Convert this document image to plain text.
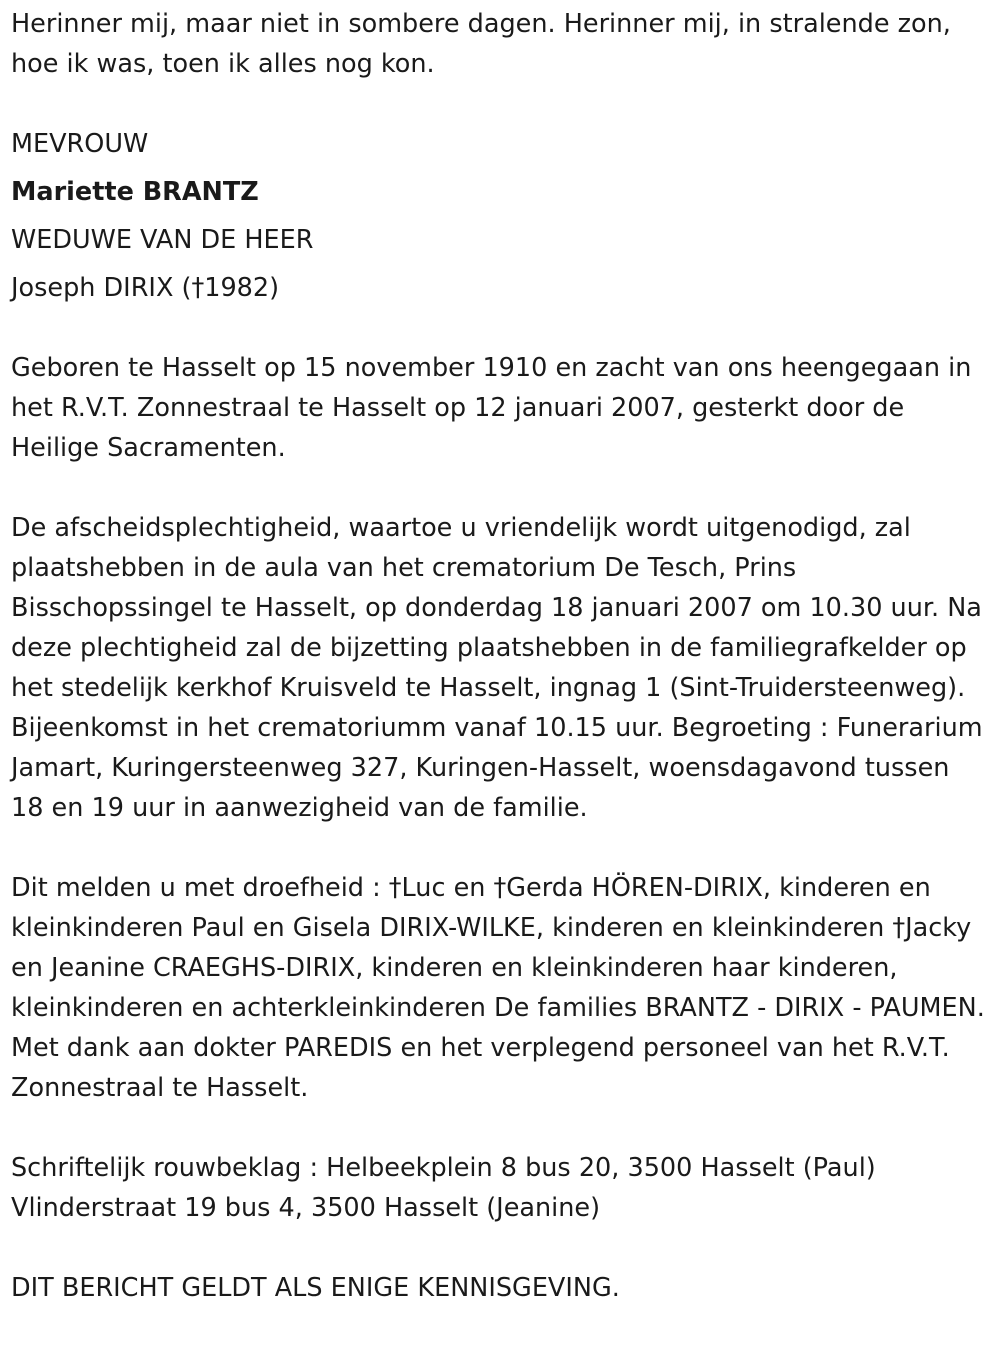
Herinner mij, maar niet in sombere dagen. Herinner mij, in stralende zon, hoe ik was, toen ik alles nog kon.

MEVROUW

Mariette BRANTZ

WEDUWE VAN DE HEER

Joseph DIRIX (†1982)

Geboren te Hasselt op 15 november 1910 en zacht van ons heengegaan in het R.V.T. Zonnestraal te Hasselt op 12 januari 2007, gesterkt door de Heilige Sacramenten.

De afscheidsplechtigheid, waartoe u vriendelijk wordt uitgenodigd, zal plaatshebben in de aula van het crematorium De Tesch, Prins Bisschopssingel te Hasselt, op donderdag 18 januari 2007 om 10.30 uur. Na deze plechtigheid zal de bijzetting plaatshebben in de familiegrafkelder op het stedelijk kerkhof Kruisveld te Hasselt, ingnag 1 (Sint-Truidersteenweg). Bijeenkomst in het crematoriumm vanaf 10.15 uur. Begroeting : Funerarium Jamart, Kuringersteenweg 327, Kuringen-Hasselt, woensdagavond tussen 18 en 19 uur in aanwezigheid van de familie.

Dit melden u met droefheid : †Luc en †Gerda HÖREN-DIRIX, kinderen en kleinkinderen Paul en Gisela DIRIX-WILKE, kinderen en kleinkinderen †Jacky en Jeanine CRAEGHS-DIRIX, kinderen en kleinkinderen haar kinderen, kleinkinderen en achterkleinkinderen De families BRANTZ - DIRIX - PAUMEN. Met dank aan dokter PAREDIS en het verplegend personeel van het R.V.T. Zonnestraal te Hasselt.

Schriftelijk rouwbeklag : Helbeekplein 8 bus 20, 3500 Hasselt (Paul)

Vlinderstraat 19 bus 4, 3500 Hasselt (Jeanine)

DIT BERICHT GELDT ALS ENIGE KENNISGEVING.
